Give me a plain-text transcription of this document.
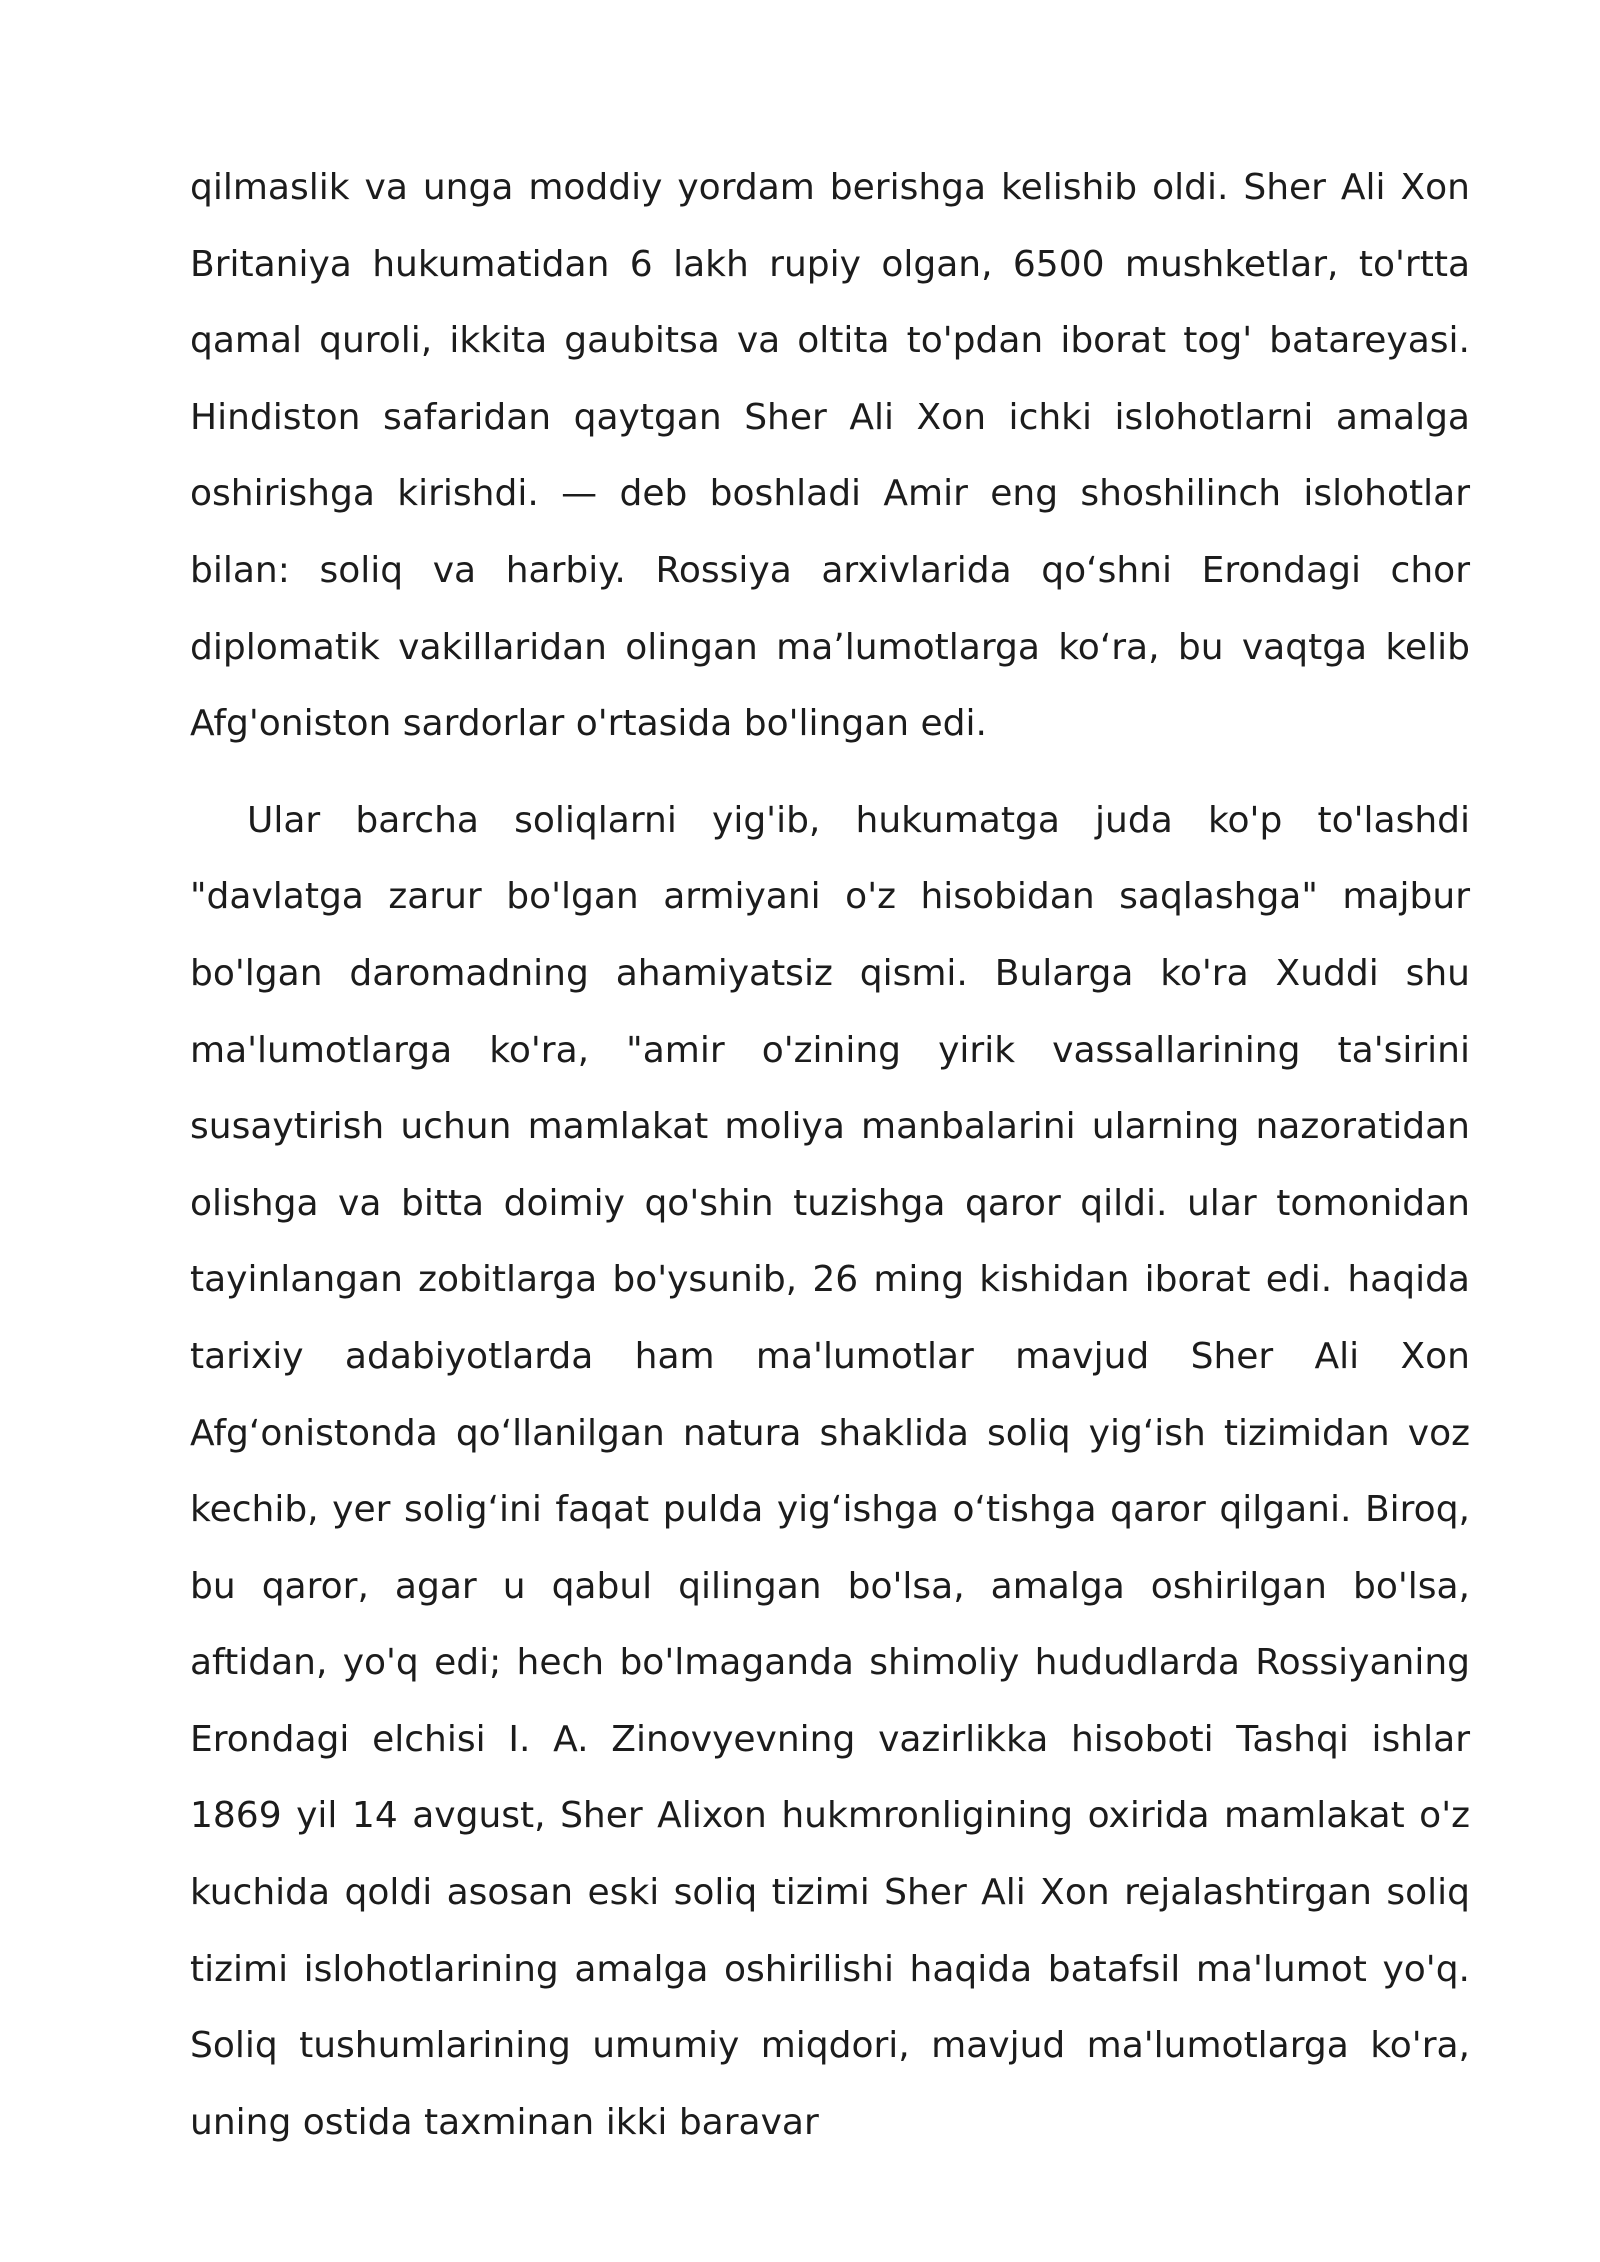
qilmaslik va unga moddiy yordam berishga kelishib oldi. Sher Ali Xon Britaniya hukumatidan 6 lakh rupiy olgan, 6500 mushketlar, to'rtta qamal quroli, ikkita gaubitsa va oltita to'pdan iborat tog' batareyasi. Hindiston safaridan qaytgan Sher Ali Xon ichki islohotlarni amalga oshirishga kirishdi. — deb boshladi Amir eng shoshilinch islohotlar bilan: soliq va harbiy. Rossiya arxivlarida qo‘shni Erondagi chor diplomatik vakillaridan olingan ma’lumotlarga ko‘ra, bu vaqtga kelib Afg'oniston sardorlar o'rtasida bo'lingan edi.

Ular barcha soliqlarni yig'ib, hukumatga juda ko'p to'lashdi "davlatga zarur bo'lgan armiyani o'z hisobidan saqlashga" majbur bo'lgan daromadning ahamiyatsiz qismi. Bularga ko'ra Xuddi shu ma'lumotlarga ko'ra, "amir o'zining yirik vassallarining ta'sirini susaytirish uchun mamlakat moliya manbalarini ularning nazoratidan olishga va bitta doimiy qo'shin tuzishga qaror qildi. ular tomonidan tayinlangan zobitlarga bo'ysunib, 26 ming kishidan iborat edi. haqida tarixiy adabiyotlarda ham ma'lumotlar mavjud Sher Ali Xon Afg‘onistonda qo‘llanilgan natura shaklida soliq yig‘ish tizimidan voz kechib, yer solig‘ini faqat pulda yig‘ishga o‘tishga qaror qilgani. Biroq, bu qaror, agar u qabul qilingan bo'lsa, amalga oshirilgan bo'lsa, aftidan, yo'q edi; hech bo'lmaganda shimoliy hududlarda Rossiyaning Erondagi elchisi I. A. Zinovyevning vazirlikka hisoboti Tashqi ishlar 1869 yil 14 avgust, Sher Alixon hukmronligining oxirida mamlakat o'z kuchida qoldi asosan eski soliq tizimi Sher Ali Xon rejalashtirgan soliq tizimi islohotlarining amalga oshirilishi haqida batafsil ma'lumot yo'q. Soliq tushumlarining umumiy miqdori, mavjud ma'lumotlarga ko'ra, uning ostida taxminan ikki baravar
